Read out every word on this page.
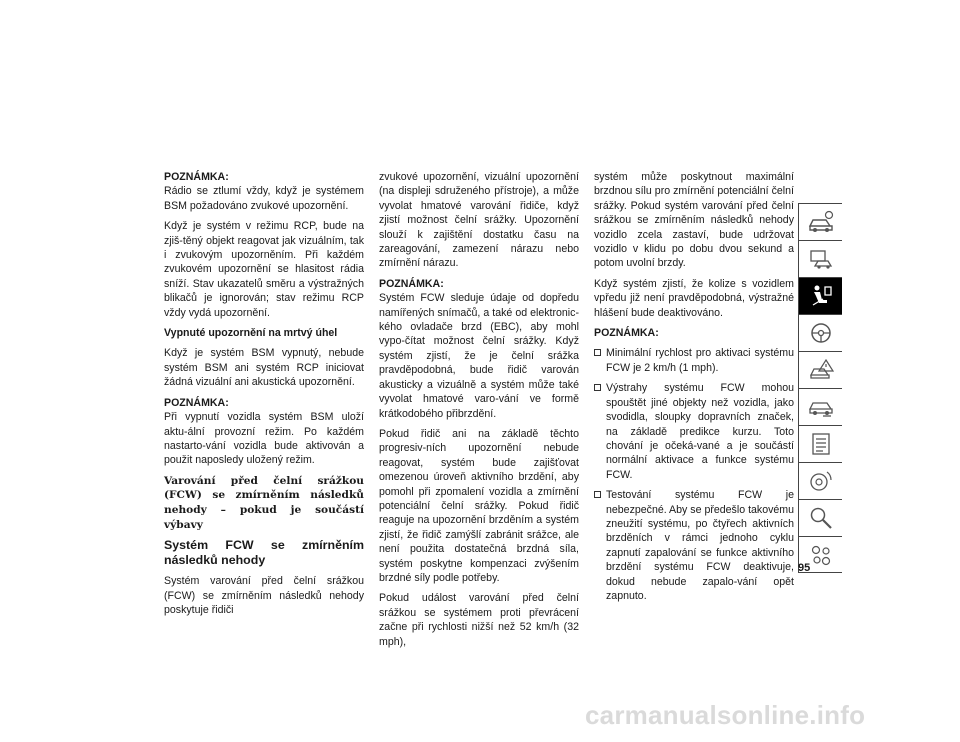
POZNÁMKA:
Rádio se ztlumí vždy, když je systémem BSM požadováno zvukové upozornění.

Když je systém v režimu RCP, bude na zjiš-těný objekt reagovat jak vizuálním, tak i zvukovým upozorněním. Při každém zvukovém upozornění se hlasitost rádia sníží. Stav ukazatelů směru a výstražných blikačů je ignorován; stav režimu RCP vždy vydá upozornění.

Vypnuté upozornění na mrtvý úhel

Když je systém BSM vypnutý, nebude systém BSM ani systém RCP iniciovat žádná vizuální ani akustická upozornění.

POZNÁMKA:
Při vypnutí vozidla systém BSM uloží aktu-ální provozní režim. Po každém nastarto-vání vozidla bude aktivován a použit naposledy uložený režim.

Varování před čelní srážkou (FCW) se zmírněním následků nehody – pokud je součástí výbavy

Systém FCW se zmírněním následků nehody

Systém varování před čelní srážkou (FCW) se zmírněním následků nehody poskytuje řidiči

zvukové upozornění, vizuální upozornění (na displeji sdruženého přístroje), a může vyvolat hmatové varování řidiče, když zjistí možnost čelní srážky. Upozornění slouží k zajištění dostatku času na zareagování, zamezení nárazu nebo zmírnění nárazu.

POZNÁMKA:
Systém FCW sleduje údaje od dopředu namířených snímačů, a také od elektronic-kého ovladače brzd (EBC), aby mohl vypo-čítat možnost čelní srážky. Když systém zjistí, že je čelní srážka pravděpodobná, bude řidič varován akusticky a vizuálně a systém může také vyvolat hmatové varo-vání ve formě krátkodobého přibrzdění.

Pokud řidič ani na základě těchto progresiv-ních upozornění nebude reagovat, systém bude zajišťovat omezenou úroveň aktivního brzdění, aby pomohl při zpomalení vozidla a zmírnění potenciální čelní srážky. Pokud řidič reaguje na upozornění brzděním a systém zjistí, že řidič zamýšlí zabránit srážce, ale není použita dostatečná brzdná síla, systém poskytne kompenzaci zvýšením brzdné síly podle potřeby.

Pokud událost varování před čelní srážkou se systémem proti převrácení začne při rychlosti nižší než 52 km/h (32 mph),

systém může poskytnout maximální brzdnou sílu pro zmírnění potenciální čelní srážky. Pokud systém varování před čelní srážkou se zmírněním následků nehody vozidlo zcela zastaví, bude udržovat vozidlo v klidu po dobu dvou sekund a potom uvolní brzdy.

Když systém zjistí, že kolize s vozidlem vpředu již není pravděpodobná, výstražné hlášení bude deaktivováno.

POZNÁMKA:

Minimální rychlost pro aktivaci systému FCW je 2 km/h (1 mph).
Výstrahy systému FCW mohou spouštět jiné objekty než vozidla, jako svodidla, sloupky dopravních značek, na základě predikce kurzu. Toto chování je očeká-vané a je součástí normální aktivace a funkce systému FCW.
Testování systému FCW je nebezpečné. Aby se předešlo takovému zneužití systému, po čtyřech aktivních brzděních v rámci jednoho cyklu zapnutí zapalování se funkce aktivního brzdění systému FCW deaktivuje, dokud nebude zapalo-vání opět zapnuto.
95
carmanualsonline.info
